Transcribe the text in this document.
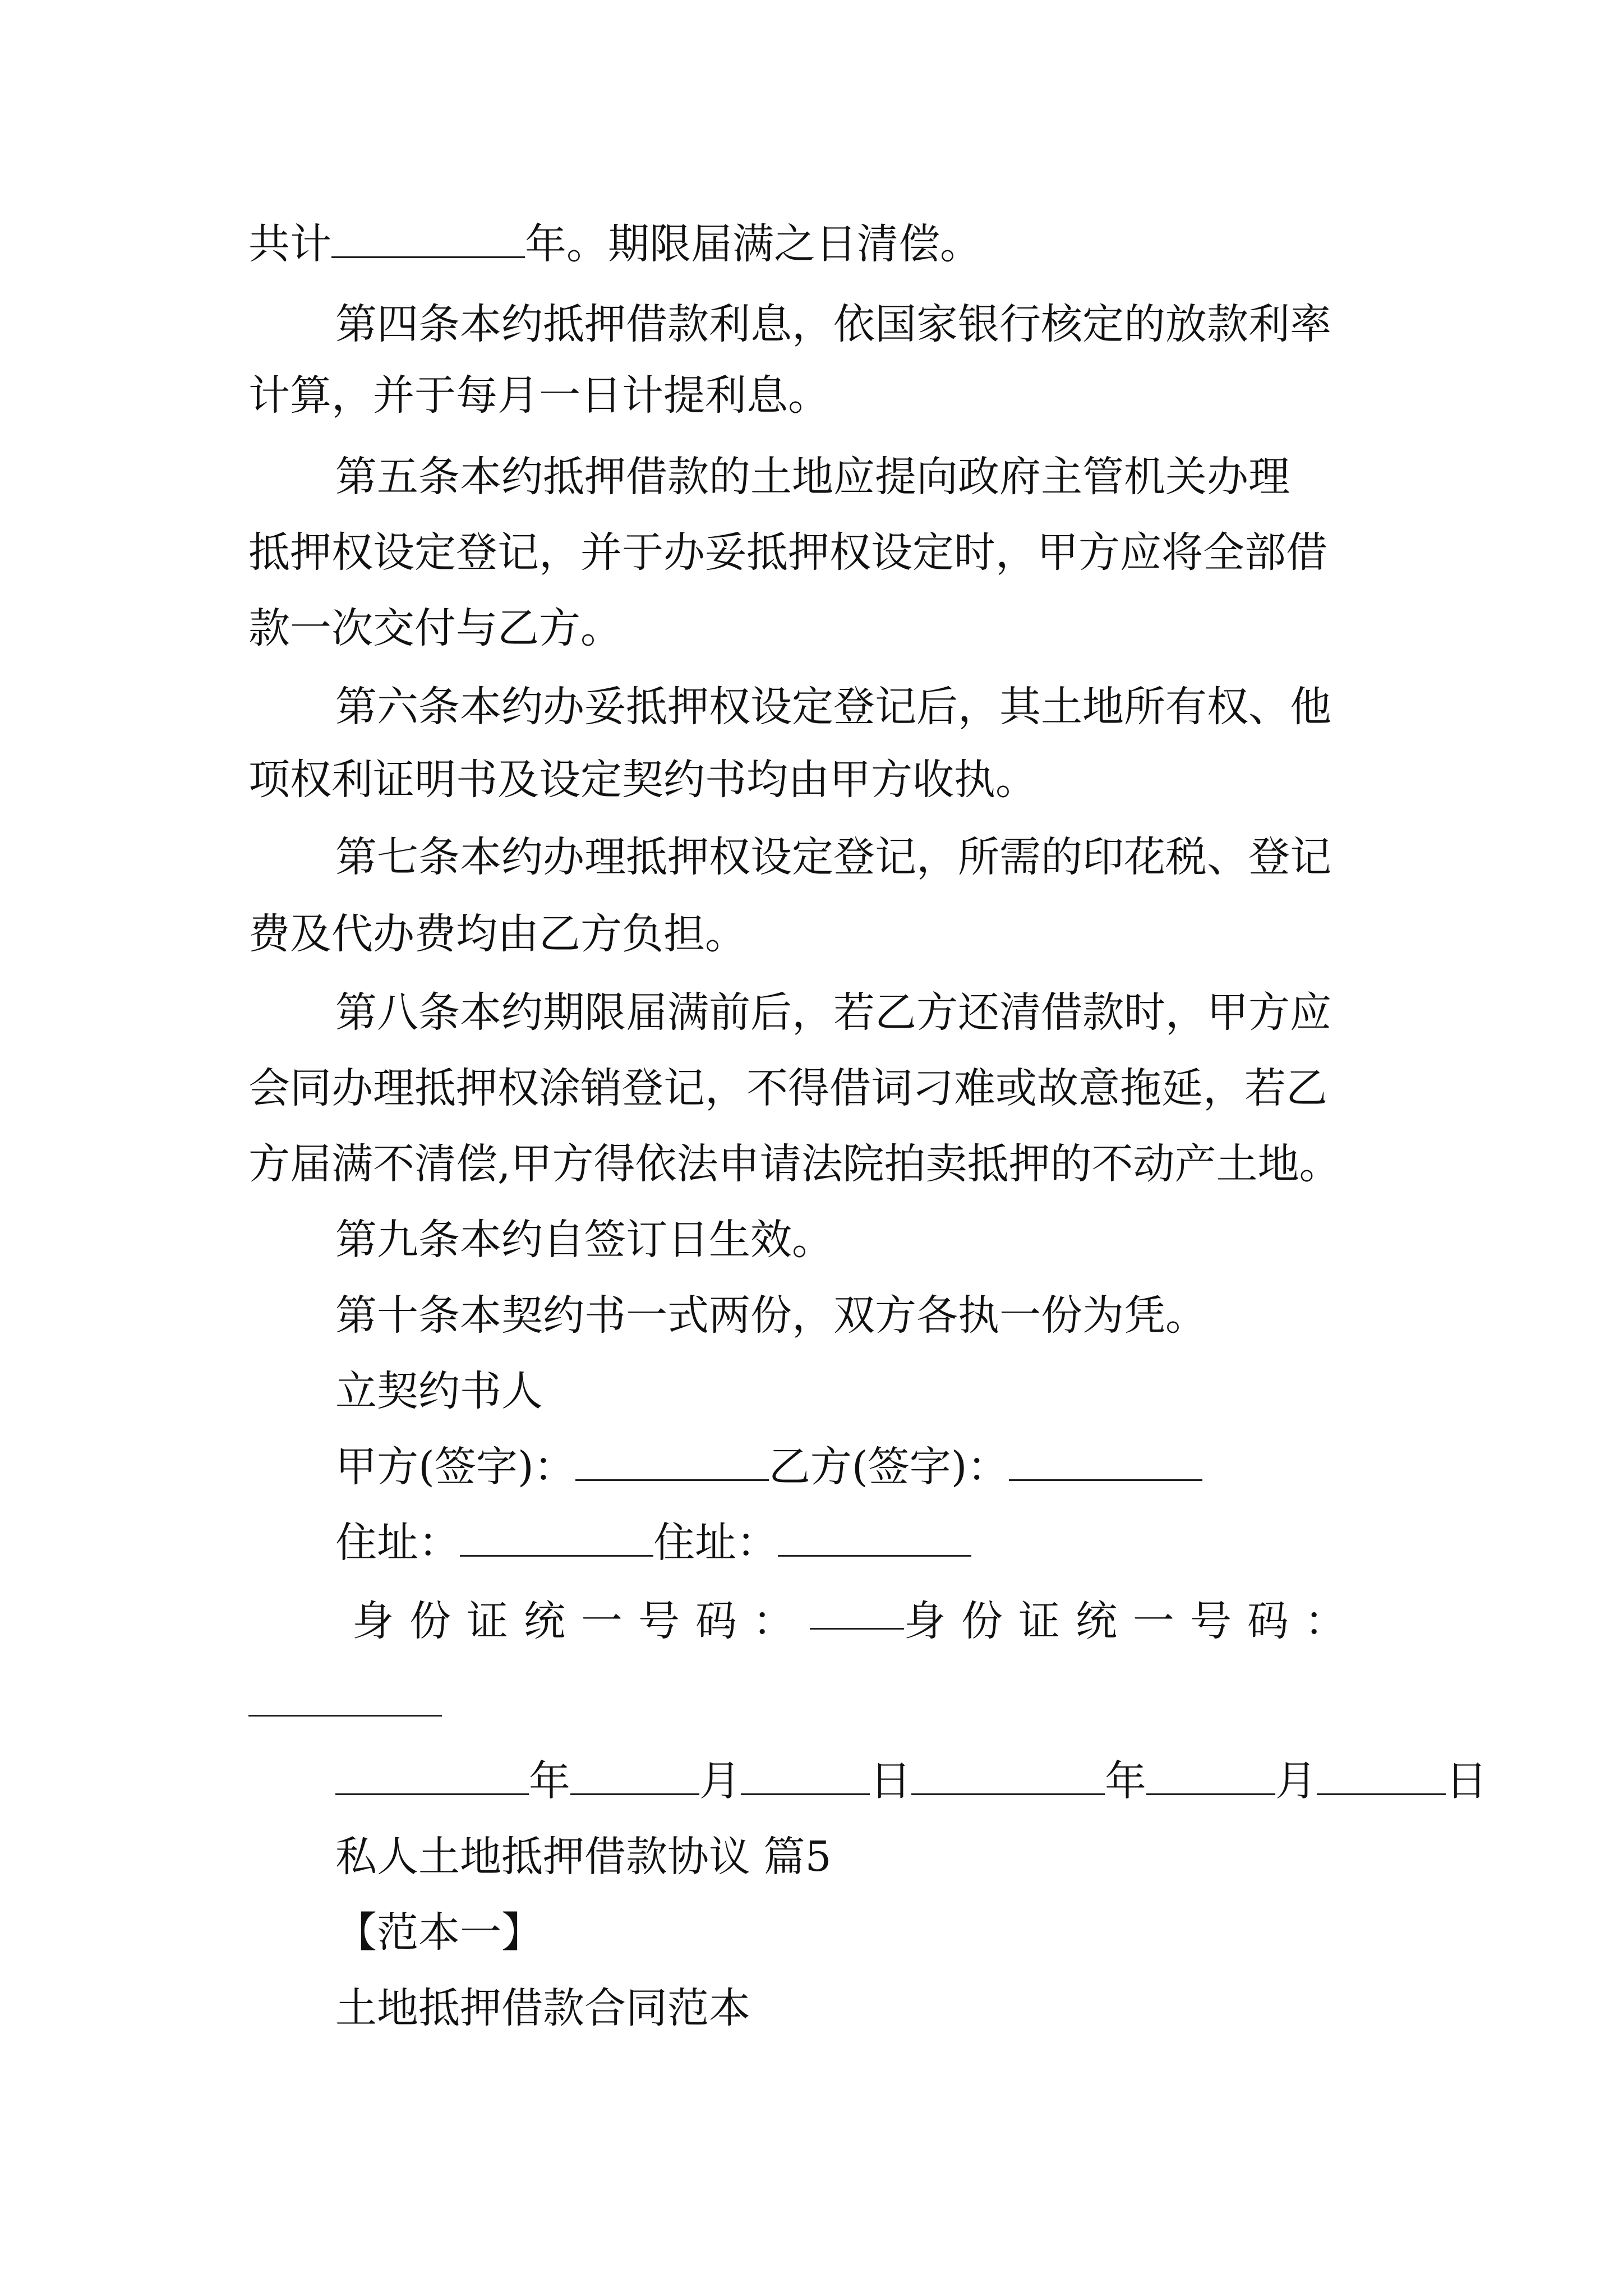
共计	年。期限届满之日清偿。
第四条本约抵押借款利息，依国家银行核定的放款利率
计算，并于每月一日计提利息。
第五条本约抵押借款的土地应提向政府主管机关办理
抵押权设定登记，并于办妥抵押权设定时，甲方应将全部借
款一次交付与乙方。
第六条本约办妥抵押权设定登记后，其土地所有权、他
项权利证明书及设定契约书均由甲方收执。
第七条本约办理抵押权设定登记，所需的印花税、登记
费及代办费均由乙方负担。
第八条本约期限届满前后，若乙方还清借款时，甲方应
会同办理抵押权涂销登记，不得借词刁难或故意拖延，若乙
方届满不清偿,甲方得依法申请法院拍卖抵押的不动产土地。
第九条本约自签订日生效。
第十条本契约书一式两份，双方各执一份为凭。
立契约书人
甲方(签字)：	乙方(签字)：
住址：	住址：
身份证统一号码： 身份证统一号码：
年	月	日	年	月	日
私人土地抵押借款协议 篇5
【范本一】
土地抵押借款合同范本
